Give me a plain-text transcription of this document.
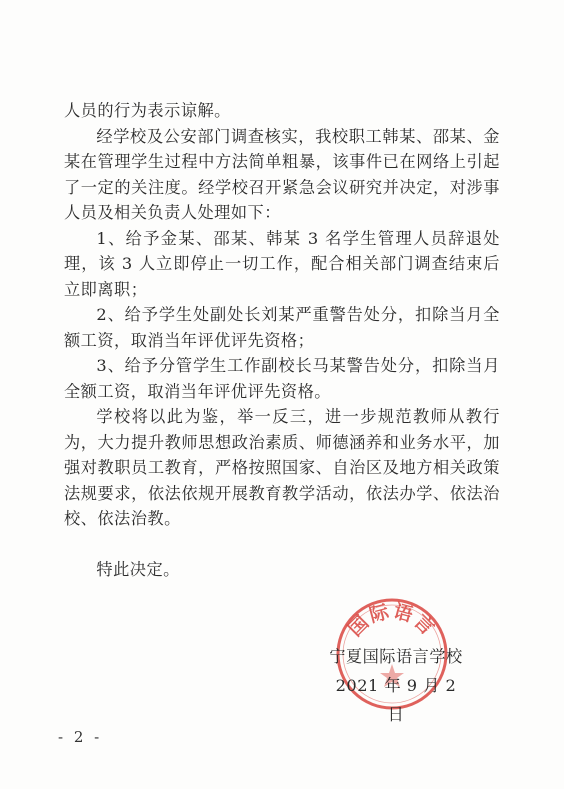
人员的行为表示谅解。

经学校及公安部门调查核实，我校职工韩某、邵某、金某在管理学生过程中方法简单粗暴，该事件已在网络上引起了一定的关注度。经学校召开紧急会议研究并决定，对涉事人员及相关负责人处理如下：

1、给予金某、邵某、韩某 3 名学生管理人员辞退处理，该 3 人立即停止一切工作，配合相关部门调查结束后立即离职；

2、给予学生处副处长刘某严重警告处分，扣除当月全额工资，取消当年评优评先资格；

3、给予分管学生工作副校长马某警告处分，扣除当月全额工资，取消当年评优评先资格。

学校将以此为鉴，举一反三，进一步规范教师从教行为，大力提升教师思想政治素质、师德涵养和业务水平，加强对教职员工教育，严格按照国家、自治区及地方相关政策法规要求，依法依规开展教育教学活动，依法办学、依法治校、依法治教。

特此决定。

国际语言
宁夏国际语言学校
2021 年 9 月 2 日
- 2 -
